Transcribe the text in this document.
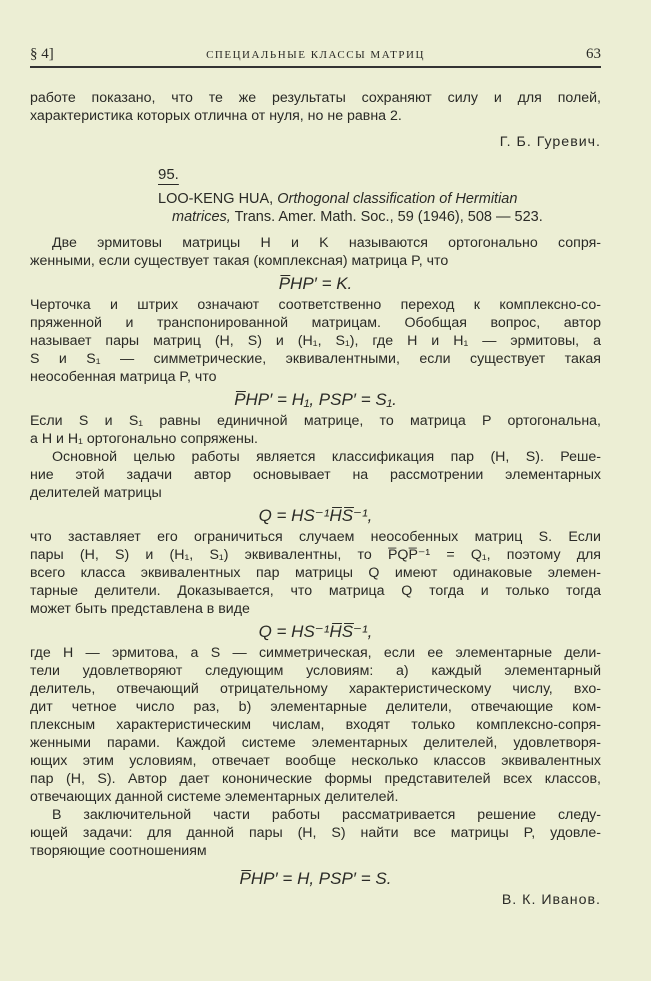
§ 4]	СПЕЦИАЛЬНЫЕ КЛАССЫ МАТРИЦ	63
работе показано, что те же результаты сохраняют силу и для полей,
характеристика которых отлична от нуля, но не равна 2.
Г. Б. Гуревич.
95.
LOO-KENG HUA, Orthogonal classification of Hermitian
matrices, Trans. Amer. Math. Soc., 59 (1946), 508 — 523.
Две эрмитовы матрицы H и K называются ортогонально сопря-
женными, если существует такая (комплексная) матрица P, что
P̅HP′ = K.
Черточка и штрих означают соответственно переход к комплексно-со-
пряженной и транспонированной матрицам. Обобщая вопрос, автор
называет пары матриц (H, S) и (H₁, S₁), где H и H₁ — эрмитовы, а
S и S₁ — симметрические, эквивалентными, если существует такая
неособенная матрица P, что
P̅HP′ = H₁, PSP′ = S₁.
Если S и S₁ равны единичной матрице, то матрица P ортогональна,
а H и H₁ ортогонально сопряжены.
Основной целью работы является классификация пар (H, S). Реше-
ние этой задачи автор основывает на рассмотрении элементарных
делителей матрицы
Q = HS⁻¹H̅S̅⁻¹,
что заставляет его ограничиться случаем неособенных матриц S. Если
пары (H, S) и (H₁, S₁) эквивалентны, то P̅QP̅⁻¹ = Q₁, поэтому для
всего класса эквивалентных пар матрицы Q имеют одинаковые элемен-
тарные делители. Доказывается, что матрица Q тогда и только тогда
может быть представлена в виде
Q = HS⁻¹H̅S̅⁻¹,
где H — эрмитова, а S — симметрическая, если ее элементарные дели-
тели удовлетворяют следующим условиям: a) каждый элементарный
делитель, отвечающий отрицательному характеристическому числу, вхо-
дит четное число раз, b) элементарные делители, отвечающие ком-
плексным характеристическим числам, входят только комплексно-сопря-
женными парами. Каждой системе элементарных делителей, удовлетворя-
ющих этим условиям, отвечает вообще несколько классов эквивалентных
пар (H, S). Автор дает кононические формы представителей всех классов,
отвечающих данной системе элементарных делителей.
В заключительной части работы рассматривается решение следу-
ющей задачи: для данной пары (H, S) найти все матрицы P, удовле-
творяющие соотношениям
P̅HP′ = H, PSP′ = S.
В. К. Иванов.
